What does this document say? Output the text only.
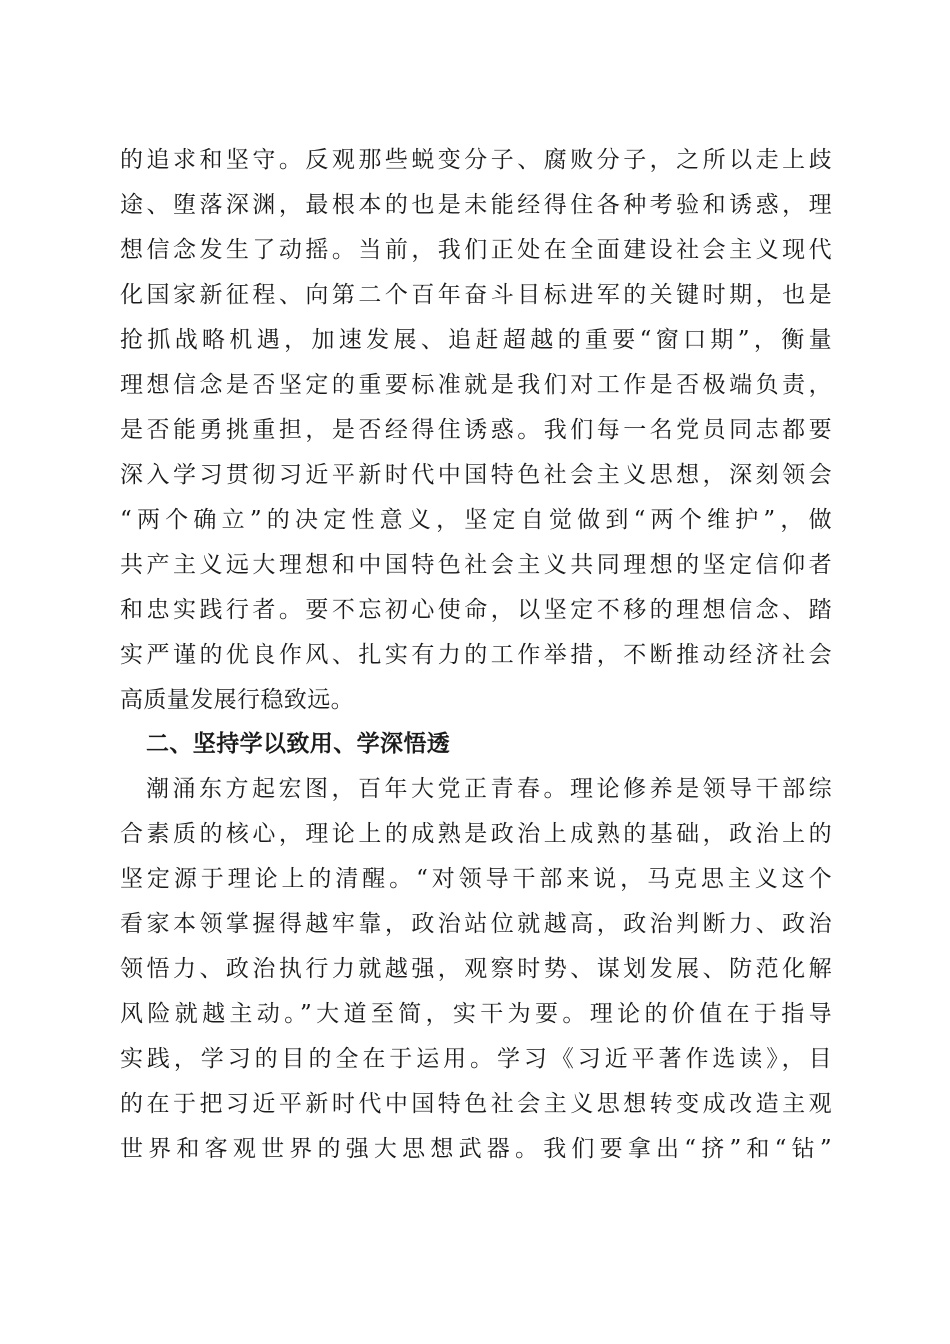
的追求和坚守。反观那些蜕变分子、腐败分子，之所以走上歧
途、堕落深渊，最根本的也是未能经得住各种考验和诱惑，理
想信念发生了动摇。当前，我们正处在全面建设社会主义现代
化国家新征程、向第二个百年奋斗目标进军的关键时期，也是
抢抓战略机遇，加速发展、追赶超越的重要“窗口期”，衡量
理想信念是否坚定的重要标准就是我们对工作是否极端负责，
是否能勇挑重担，是否经得住诱惑。我们每一名党员同志都要
深入学习贯彻习近平新时代中国特色社会主义思想，深刻领会
“两个确立”的决定性意义，坚定自觉做到“两个维护”，做
共产主义远大理想和中国特色社会主义共同理想的坚定信仰者
和忠实践行者。要不忘初心使命，以坚定不移的理想信念、踏
实严谨的优良作风、扎实有力的工作举措，不断推动经济社会
高质量发展行稳致远。
二、坚持学以致用、学深悟透
潮涌东方起宏图，百年大党正青春。理论修养是领导干部综
合素质的核心，理论上的成熟是政治上成熟的基础，政治上的
坚定源于理论上的清醒。“对领导干部来说，马克思主义这个
看家本领掌握得越牢靠，政治站位就越高，政治判断力、政治
领悟力、政治执行力就越强，观察时势、谋划发展、防范化解
风险就越主动。”大道至简，实干为要。理论的价值在于指导
实践，学习的目的全在于运用。学习《习近平著作选读》，目
的在于把习近平新时代中国特色社会主义思想转变成改造主观
世界和客观世界的强大思想武器。我们要拿出“挤”和“钻”
